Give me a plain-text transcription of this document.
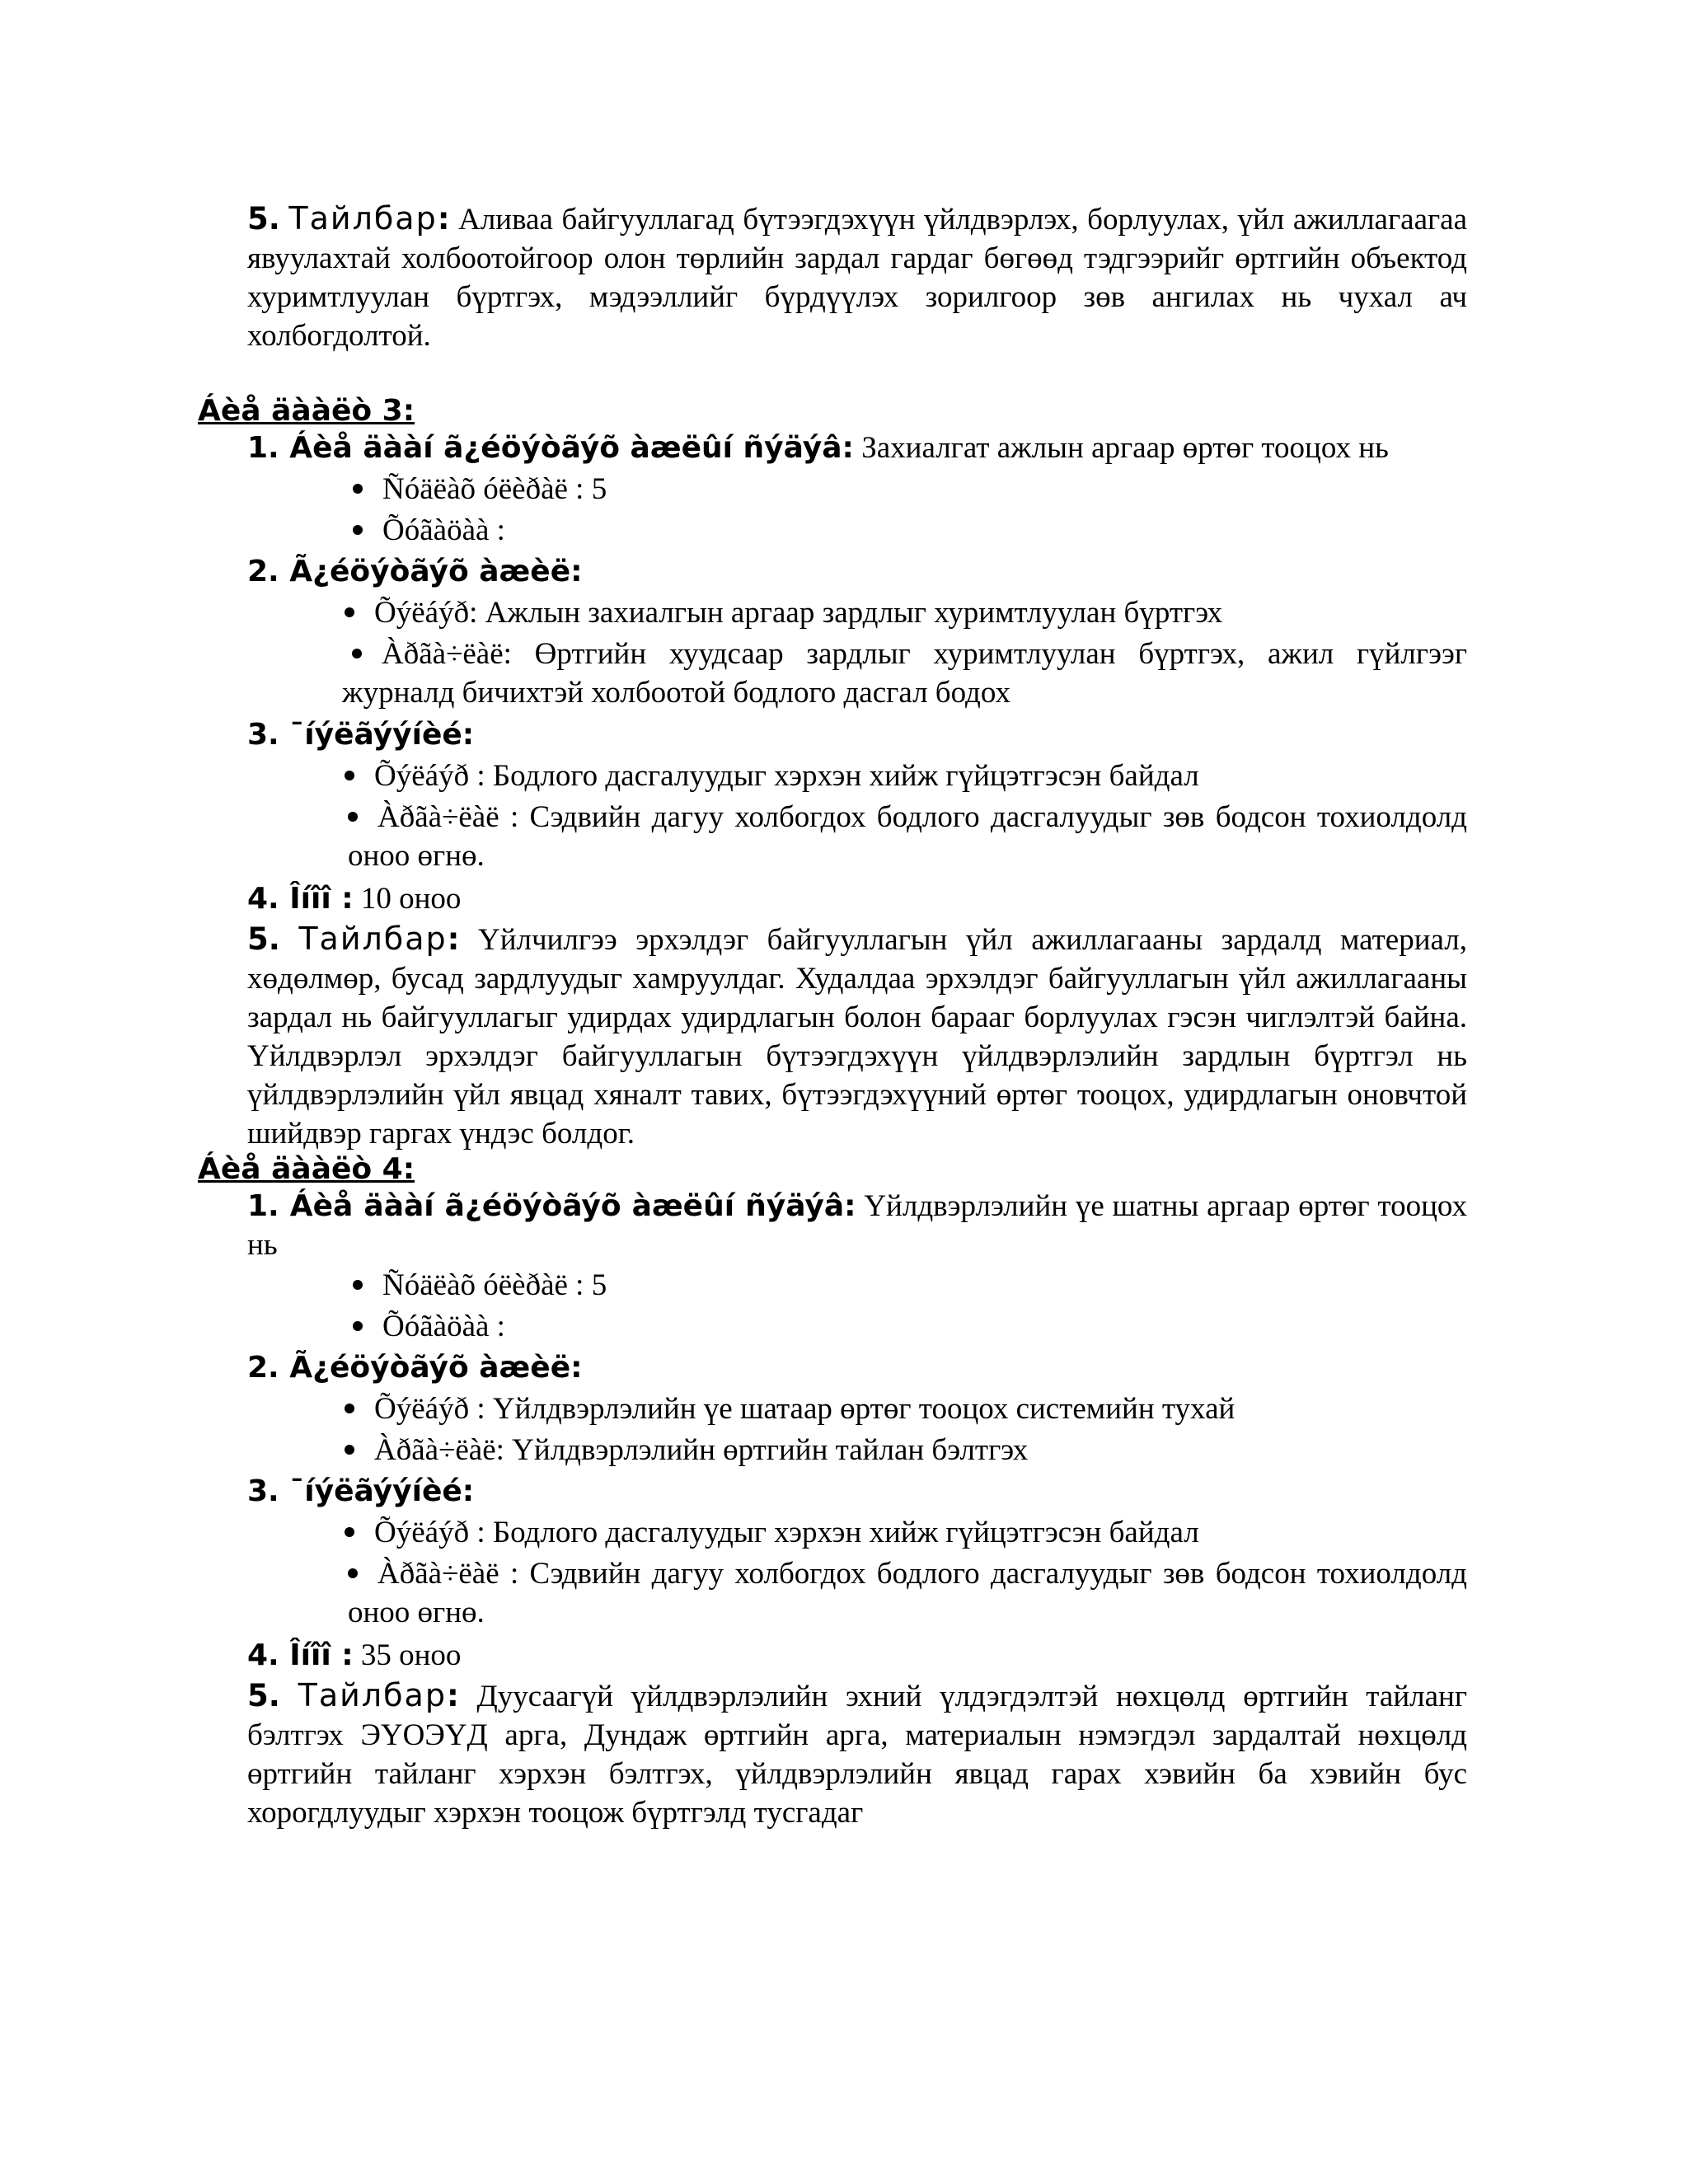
5. Тайлбар: Аливаа байгууллагад бүтээгдэхүүн үйлдвэрлэх, борлуулах, үйл ажиллагаагаа явуулахтай холбоотойгоор олон төрлийн зардал гардаг бөгөөд тэдгээрийг өртгийн объектод хуримтлуулан бүртгэх, мэдээллийг бүрдүүлэх зорилгоор зөв ангилах нь чухал ач холбогдолтой.
Áèå äààëò 3:
1. Áèå äààí ã¿éöýòãýõ àæëûí ñýäýâ: Захиалгат ажлын аргаар өртөг тооцох нь
Ñóäëàõ óëèðàë : 5
Õóãàöàà :
2. Ã¿éöýòãýõ àæèë:
Õýëáýð: Ажлын захиалгын аргаар зардлыг хуримтлуулан бүртгэх
Àðãà÷ëàë: Өртгийн хуудсаар зардлыг хуримтлуулан бүртгэх, ажил гүйлгээг журналд бичихтэй холбоотой бодлого дасгал бодох
3. ¯íýëãýýíèé:
Õýëáýð : Бодлого дасгалуудыг хэрхэн хийж гүйцэтгэсэн байдал
Àðãà÷ëàë : Сэдвийн дагуу холбогдох бодлого дасгалуудыг зөв бодсон тохиолдолд оноо өгнө.
4. Îíîî : 10 оноо
5. Тайлбар: Үйлчилгээ эрхэлдэг байгууллагын үйл ажиллагааны зардалд материал, хөдөлмөр, бусад зардлуудыг хамруулдаг. Худалдаа эрхэлдэг байгууллагын үйл ажиллагааны зардал нь байгууллагыг удирдах удирдлагын болон барааг борлуулах гэсэн чиглэлтэй байна. Үйлдвэрлэл эрхэлдэг байгууллагын бүтээгдэхүүн үйлдвэрлэлийн зардлын бүртгэл нь үйлдвэрлэлийн үйл явцад хяналт тавих, бүтээгдэхүүний өртөг тооцох, удирдлагын оновчтой шийдвэр гаргах үндэс болдог.
Áèå äààëò 4:
1. Áèå äààí ã¿éöýòãýõ àæëûí ñýäýâ: Үйлдвэрлэлийн үе шатны аргаар өртөг тооцох нь
Ñóäëàõ óëèðàë : 5
Õóãàöàà :
2. Ã¿éöýòãýõ àæèë:
Õýëáýð : Үйлдвэрлэлийн үе шатаар өртөг тооцох системийн тухай
Àðãà÷ëàë: Үйлдвэрлэлийн өртгийн тайлан бэлтгэх
3. ¯íýëãýýíèé:
Õýëáýð : Бодлого дасгалуудыг хэрхэн хийж гүйцэтгэсэн байдал
Àðãà÷ëàë : Сэдвийн дагуу холбогдох бодлого дасгалуудыг зөв бодсон тохиолдолд оноо өгнө.
4. Îíîî : 35 оноо
5. Тайлбар: Дуусаагүй үйлдвэрлэлийн эхний үлдэгдэлтэй нөхцөлд өртгийн тайланг бэлтгэх ЭҮОЭҮД арга, Дундаж өртгийн арга, материалын нэмэгдэл зардалтай нөхцөлд өртгийн тайланг хэрхэн бэлтгэх, үйлдвэрлэлийн явцад гарах хэвийн ба хэвийн бус хорогдлуудыг хэрхэн тооцож бүртгэлд тусгадаг
